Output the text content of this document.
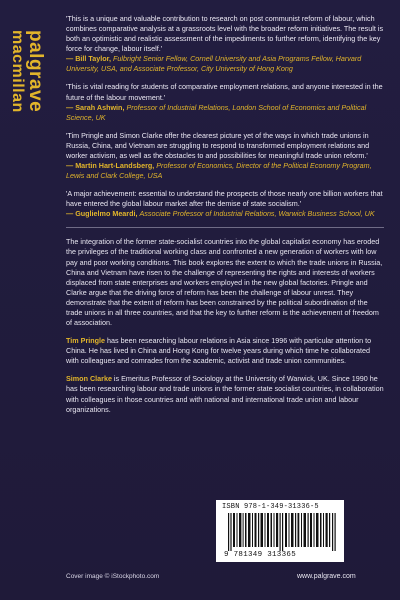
palgrave
macmillan
'This is a unique and valuable contribution to research on post communist reform of labour, which combines comparative analysis at a grassroots level with the broader reform initiatives. The result is both an optimistic and realistic assessment of the impediments to further reform, identifying the key force for change, labour itself.'
— Bill Taylor, Fulbright Senior Fellow, Cornell University and Asia Programs Fellow, Harvard University, USA, and Associate Professor, City University of Hong Kong
'This is vital reading for students of comparative employment relations, and anyone interested in the future of the labour movement.'
— Sarah Ashwin, Professor of Industrial Relations, London School of Economics and Political Science, UK
'Tim Pringle and Simon Clarke offer the clearest picture yet of the ways in which trade unions in Russia, China, and Vietnam are struggling to respond to transformed employment relations and worker activism, as well as the obstacles to and possibilities for meaningful trade union reform.'
— Martin Hart-Landsberg, Professor of Economics, Director of the Political Economy Program, Lewis and Clark College, USA
'A major achievement: essential to understand the prospects of those nearly one billion workers that have entered the global labour market after the demise of state socialism.'
— Guglielmo Meardi, Associate Professor of Industrial Relations, Warwick Business School, UK
The integration of the former state-socialist countries into the global capitalist economy has eroded the privileges of the traditional working class and confronted a new generation of workers with low pay and poor working conditions. This book explores the extent to which the trade unions in Russia, China and Vietnam have risen to the challenge of representing the rights and interests of workers displaced from state enterprises and workers employed in the new global factories. Pringle and Clarke argue that the driving force of reform has been the challenge of labour unrest. They demonstrate that the extent of reform has been constrained by the political subordination of the trade unions in all three countries, and that the key to further reform is the achievement of freedom of association.
Tim Pringle has been researching labour relations in Asia since 1996 with particular attention to China. He has lived in China and Hong Kong for twelve years during which time he collaborated with colleagues and comrades from the academic, activist and trade union communities.
Simon Clarke is Emeritus Professor of Sociology at the University of Warwick, UK. Since 1990 he has been researching labour and trade unions in the former state socialist countries, in collaboration with colleagues in those countries and with national and international trade union and labour organizations.
ISBN 978-1-349-31336-5
9 781349 313365
Cover image © iStockphoto.com	www.palgrave.com
